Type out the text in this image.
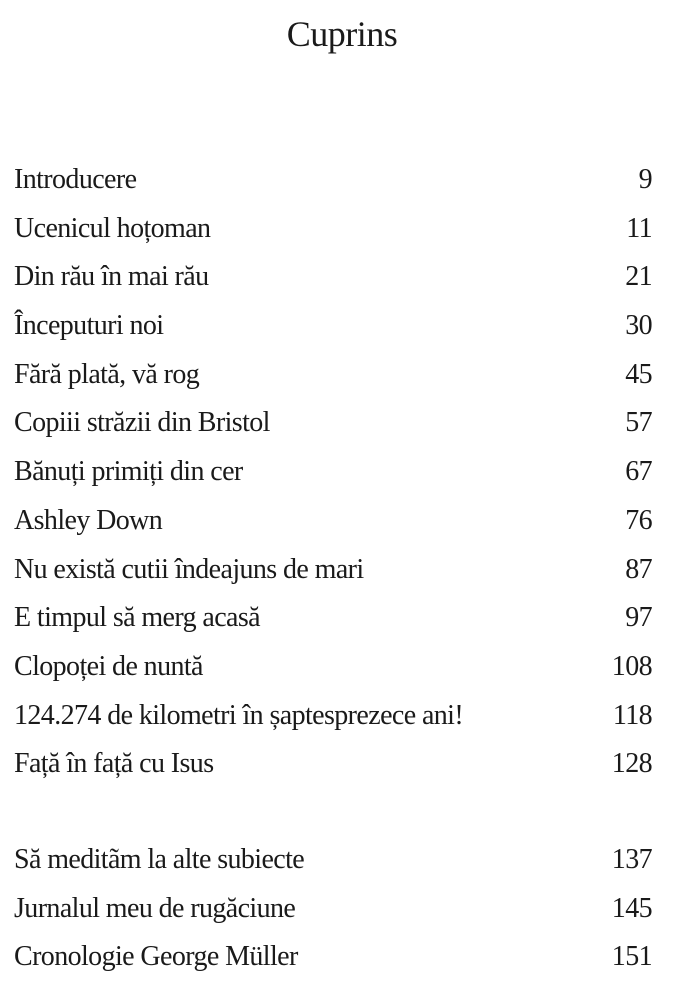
Cuprins
Introducere	9
Ucenicul hoțoman	11
Din rău în mai rău	21
Începuturi noi	30
Fără plată, vă rog	45
Copiii străzii din Bristol	57
Bănuți primiți din cer	67
Ashley Down	76
Nu există cutii îndeajuns de mari	87
E timpul să merg acasă	97
Clopoței de nuntă	108
124.274 de kilometri în șaptesprezece ani!	118
Față în față cu Isus	128
Să meditãm la alte subiecte	137
Jurnalul meu de rugăciune	145
Cronologie George Müller	151
